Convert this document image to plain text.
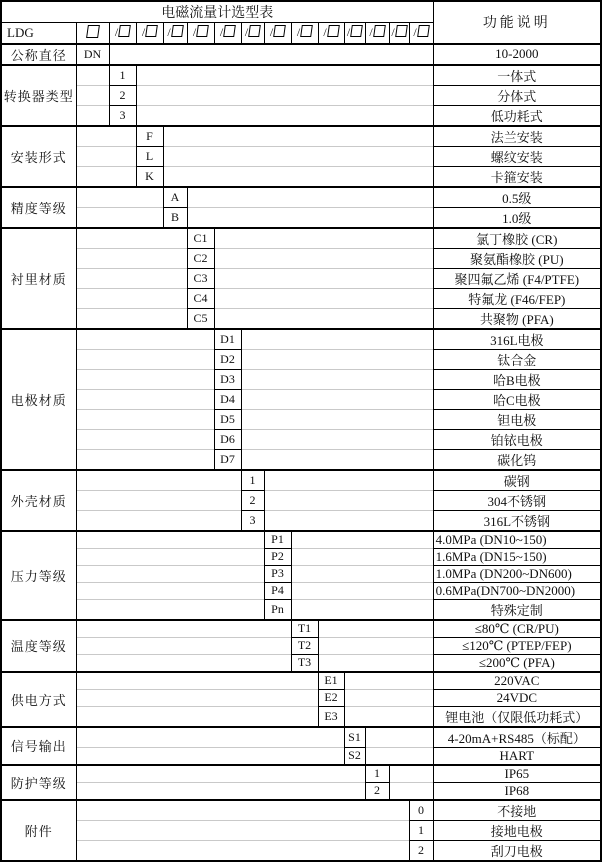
电磁流量计选型表															功能说明
LDG		/	/	/	/	/	/	/	/	/	/	/	/	/	
公称直径	DN														10-2000
转换器类型		1													一体式
		2													分体式
		3													低功耗式
安装形式			F												法兰安装
			L												螺纹安装
			K												卡箍安装
精度等级				A											0.5级
				B											1.0级
衬里材质					C1										氯丁橡胶 (CR)
					C2										聚氨酯橡胶 (PU)
					C3										聚四氟乙烯 (F4/PTFE)
					C4										特氟龙 (F46/FEP)
					C5										共聚物 (PFA)
电极材质						D1									316L电极
						D2									钛合金
						D3									哈B电极
						D4									哈C电极
						D5									钽电极
						D6									铂铱电极
						D7									碳化钨
外壳材质							1								碳钢
							2								304不锈钢
							3								316L不锈钢
压力等级								P1							4.0MPa (DN10~150)
								P2							1.6MPa (DN15~150)
								P3							1.0MPa (DN200~DN600)
								P4							0.6MPa(DN700~DN2000)
								Pn							特殊定制
温度等级									T1						≤80℃ (CR/PU)
									T2						≤120℃ (PTEP/FEP)
									T3						≤200℃ (PFA)
供电方式										E1					220VAC
										E2					24VDC
										E3					锂电池（仅限低功耗式）
信号输出											S1				4-20mA+RS485（标配）
											S2				HART
防护等级												1			IP65
												2			IP68
附件														0	不接地
														1	接地电极
														2	刮刀电极
